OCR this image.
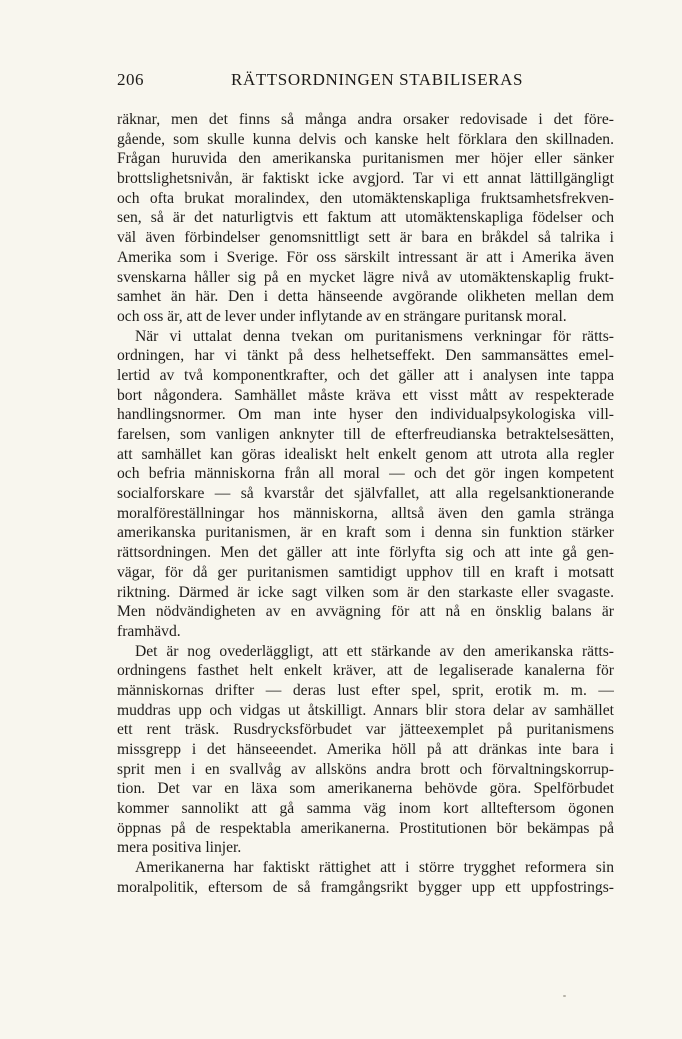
206	RÄTTSORDNINGEN STABILISERAS
räknar, men det finns så många andra orsaker redovisade i det före-
gående, som skulle kunna delvis och kanske helt förklara den skillnaden.
Frågan huruvida den amerikanska puritanismen mer höjer eller sänker
brottslighetsnivån, är faktiskt icke avgjord. Tar vi ett annat lättillgängligt
och ofta brukat moralindex, den utomäktenskapliga fruktsamhetsfrekven-
sen, så är det naturligtvis ett faktum att utomäktenskapliga födelser och
väl även förbindelser genomsnittligt sett är bara en bråkdel så talrika i
Amerika som i Sverige. För oss särskilt intressant är att i Amerika även
svenskarna håller sig på en mycket lägre nivå av utomäktenskaplig frukt-
samhet än här. Den i detta hänseende avgörande olikheten mellan dem
och oss är, att de lever under inflytande av en strängare puritansk moral.
När vi uttalat denna tvekan om puritanismens verkningar för rätts-
ordningen, har vi tänkt på dess helhetseffekt. Den sammansättes emel-
lertid av två komponentkrafter, och det gäller att i analysen inte tappa
bort någondera. Samhället måste kräva ett visst mått av respekterade
handlingsnormer. Om man inte hyser den individualpsykologiska vill-
farelsen, som vanligen anknyter till de efterfreudianska betraktelsesätten,
att samhället kan göras idealiskt helt enkelt genom att utrota alla regler
och befria människorna från all moral — och det gör ingen kompetent
socialforskare — så kvarstår det självfallet, att alla regelsanktionerande
moralföreställningar hos människorna, alltså även den gamla stränga
amerikanska puritanismen, är en kraft som i denna sin funktion stärker
rättsordningen. Men det gäller att inte förlyfta sig och att inte gå gen-
vägar, för då ger puritanismen samtidigt upphov till en kraft i motsatt
riktning. Därmed är icke sagt vilken som är den starkaste eller svagaste.
Men nödvändigheten av en avvägning för att nå en önsklig balans är
framhävd.
Det är nog ovederläggligt, att ett stärkande av den amerikanska rätts-
ordningens fasthet helt enkelt kräver, att de legaliserade kanalerna för
människornas drifter — deras lust efter spel, sprit, erotik m. m. —
muddras upp och vidgas ut åtskilligt. Annars blir stora delar av samhället
ett rent träsk. Rusdrycksförbudet var jätteexemplet på puritanismens
missgrepp i det hänseeendet. Amerika höll på att dränkas inte bara i
sprit men i en svallvåg av allsköns andra brott och förvaltningskorrup-
tion. Det var en läxa som amerikanerna behövde göra. Spelförbudet
kommer sannolikt att gå samma väg inom kort allteftersom ögonen
öppnas på de respektabla amerikanerna. Prostitutionen bör bekämpas på
mera positiva linjer.
Amerikanerna har faktiskt rättighet att i större trygghet reformera sin
moralpolitik, eftersom de så framgångsrikt bygger upp ett uppfostrings-
